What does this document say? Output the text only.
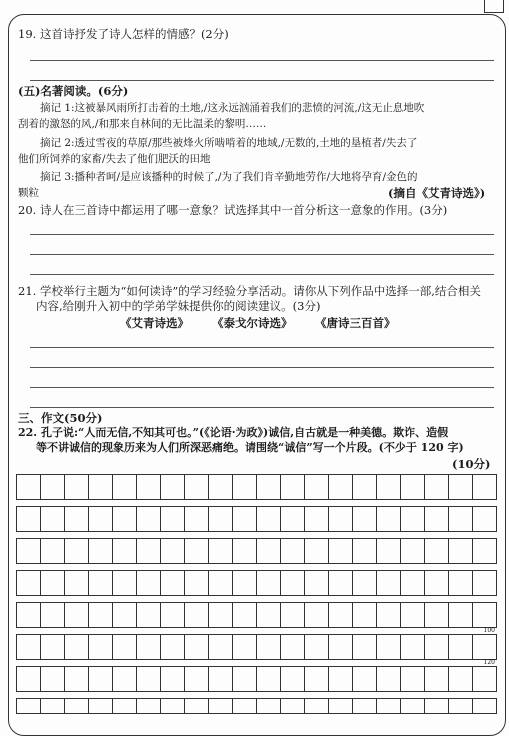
19. 这首诗抒发了诗人怎样的情感？(2分)
(五)名著阅读。(6分)
摘记 1:这被暴风雨所打击着的土地,/这永远汹涌着我们的悲愤的河流,/这无止息地吹
刮着的激怒的风,/和那来自林间的无比温柔的黎明……
摘记 2:透过雪夜的草原/那些被烽火所啮啃着的地域,/无数的,土地的垦植者/失去了
他们所饲养的家畜/失去了他们肥沃的田地
摘记 3:播种者呵/是应该播种的时候了,/为了我们肯辛勤地劳作/大地将孕育/金色的
颗粒	(摘自《艾青诗选》)
20. 诗人在三首诗中都运用了哪一意象？试选择其中一首分析这一意象的作用。(3分)
21. 学校举行主题为“如何读诗”的学习经验分享活动。请你从下列作品中选择一部,结合相关
内容,给刚升入初中的学弟学妹提供你的阅读建议。(3分)
《艾青诗选》 《泰戈尔诗选》 《唐诗三百首》
三、作文(50分)
22. 孔子说:“人而无信,不知其可也。”(《论语·为政》)诚信,自古就是一种美德。欺诈、造假
等不讲诚信的现象历来为人们所深恶痛绝。请围绕“诚信”写一个片段。(不少于 120 字)
(10分)
100
120
